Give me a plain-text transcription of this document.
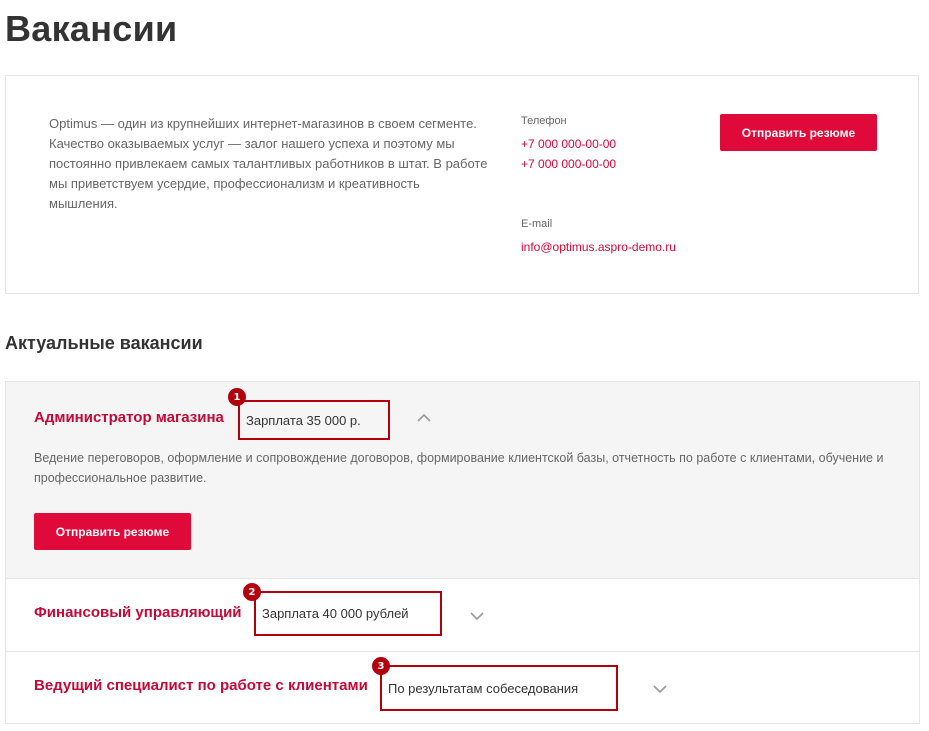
Вакансии
Optimus — один из крупнейших интернет-магазинов в своем сегменте. Качество оказываемых услуг — залог нашего успеха и поэтому мы постоянно привлекаем самых талантливых работников в штат. В работе мы приветствуем усердие, профессионализм и креативность мышления.
Телефон
+7 000 000-00-00
+7 000 000-00-00
E-mail
info@optimus.aspro-demo.ru
Отправить резюме
Актуальные вакансии
Администратор магазина	Зарплата 35 000 р.
1
Ведение переговоров, оформление и сопровождение договоров, формирование клиентской базы, отчетность по работе с клиентами, обучение и профессиональное развитие.
Отправить резюме
Финансовый управляющий	Зарплата 40 000 рублей
2
Ведущий специалист по работе с клиентами	По результатам собеседования
3
